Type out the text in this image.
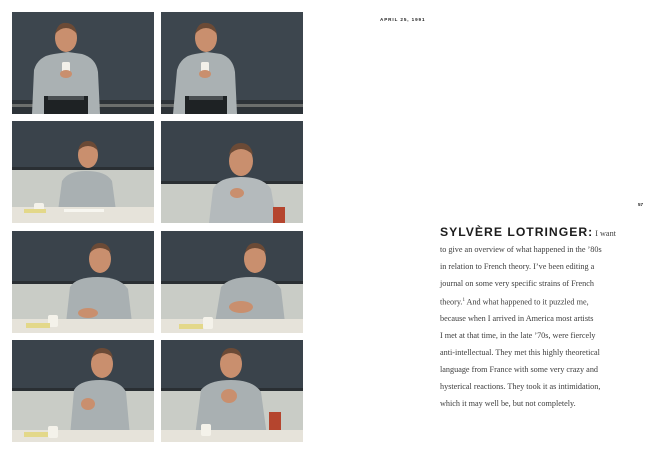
APRIL 25, 1991
57
SYLVÈRE LOTRINGER: I want
to give an overview of what happened in the ’80s
in relation to French theory. I’ve been editing a
journal on some very specific strains of French
theory.$^1$ And what happened to it puzzled me,
because when I arrived in America most artists
I met at that time, in the late ’70s, were fiercely
anti-intellectual. They met this highly theoretical
language from France with some very crazy and
hysterical reactions. They took it as intimidation,
which it may well be, but not completely.
